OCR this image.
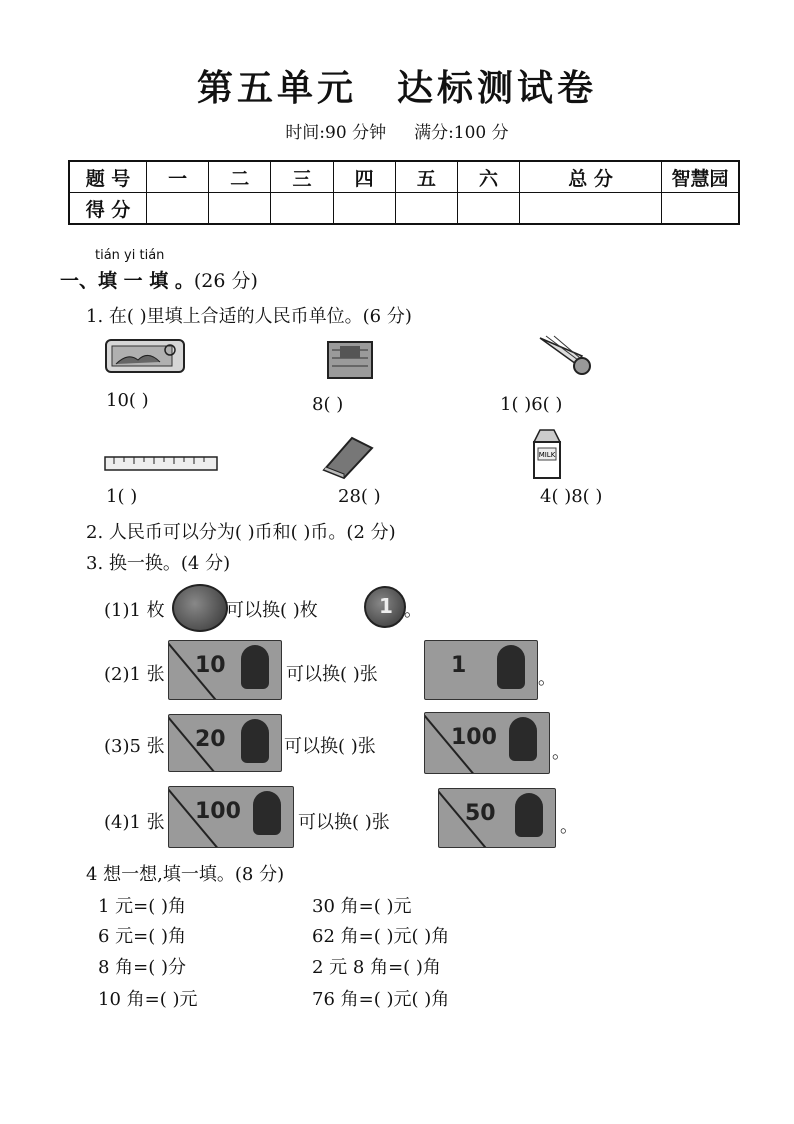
第五单元 达标测试卷
时间:90 分钟 满分:100 分
题 号	一	二	三	四	五	六	总 分	智慧园
得 分								
tián yi tián
一、填 一 填 。(26 分)
1. 在( )里填上合适的人民币单位。(6 分)
10( )	8( )	1( )6( )
1( )	28( )
MILK
4( )8( )
2. 人民币可以分为( )币和( )币。(2 分)
3. 换一换。(4 分)
(1)1 枚	可以换( )枚	1 。
(2)1 张 10	可以换( )张	1
。
(3)5 张 20	可以换( )张	100
。
(4)1 张 100	可以换( )张	50
。
4 想一想,填一填。(8 分)
1 元=( )角
6 元=( )角
8 角=( )分
10 角=( )元
30 角=( )元
62 角=( )元( )角
2 元 8 角=( )角
76 角=( )元( )角
